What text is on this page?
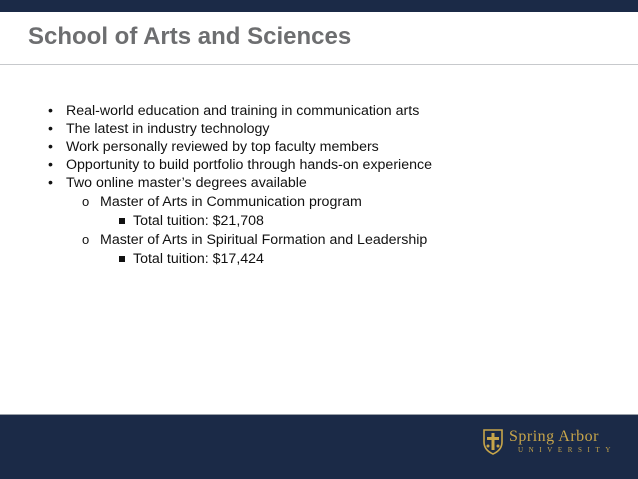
School of Arts and Sciences
• Real-world education and training in communication arts
• The latest in industry technology
• Work personally reviewed by top faculty members
• Opportunity to build portfolio through hands-on experience
• Two online master’s degrees available
o Master of Arts in Communication program
Total tuition: $21,708
o Master of Arts in Spiritual Formation and Leadership
Total tuition: $17,424
Spring Arbor
UNIVERSITY
